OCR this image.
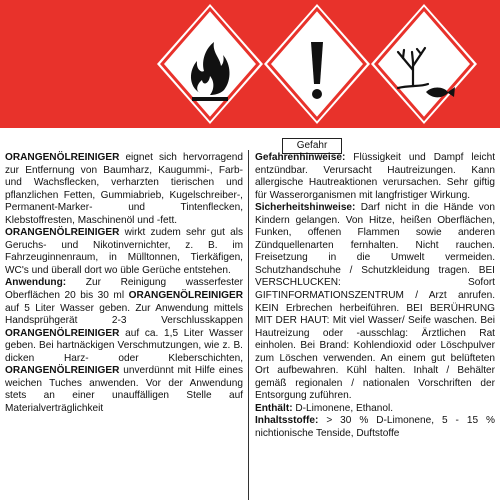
Gefahr

ORANGENÖLREINIGER eignet sich hervorragend zur Entfernung von Baumharz, Kaugummi-, Farb- und Wachsflecken, verharzten tierischen und pflanzlichen Fetten, Gummiabrieb, Kugelschreiber-, Permanent-Marker- und Tintenflecken, Klebstoffresten, Maschinenöl und -fett.

ORANGENÖLREINIGER wirkt zudem sehr gut als Geruchs- und Nikotinvernichter, z. B. im Fahrzeuginnenraum, in Mülltonnen, Tierkäfigen, WC's und überall dort wo üble Gerüche entstehen.

Anwendung: Zur Reinigung wasserfester Oberflächen 20 bis 30 ml ORANGENÖLREINIGER auf 5 Liter Wasser geben. Zur Anwendung mittels Handsprühgerät 2-3 Verschlusskappen ORANGENÖLREINIGER auf ca. 1,5 Liter Wasser geben. Bei hartnäckigen Verschmutzungen, wie z. B. dicken Harz- oder Kleberschichten, ORANGENÖLREINIGER unverdünnt mit Hilfe eines weichen Tuches anwenden. Vor der Anwendung stets an einer unauffälligen Stelle auf Materialverträglichkeit

Gefahrenhinweise: Flüssigkeit und Dampf leicht entzündbar. Verursacht Hautreizungen. Kann allergische Hautreaktionen verursachen. Sehr giftig für Wasserorganismen mit langfristiger Wirkung.

Sicherheitshinweise: Darf nicht in die Hände von Kindern gelangen. Von Hitze, heißen Oberflächen, Funken, offenen Flammen sowie anderen Zündquellenarten fernhalten. Nicht rauchen. Freisetzung in die Umwelt vermeiden. Schutzhandschuhe / Schutzkleidung tragen. BEI VERSCHLUCKEN: Sofort GIFTINFORMATIONSZENTRUM / Arzt anrufen. KEIN Erbrechen herbeiführen. BEI BERÜHRUNG MIT DER HAUT: Mit viel Wasser/ Seife waschen. Bei Hautreizung oder -ausschlag: Ärztlichen Rat einholen. Bei Brand: Kohlendioxid oder Löschpulver zum Löschen verwenden. An einem gut belüfteten Ort aufbewahren. Kühl halten. Inhalt / Behälter gemäß regionalen / nationalen Vorschriften der Entsorgung zuführen.

Enthält: D-Limonene, Ethanol.

Inhaltsstoffe: > 30 % D-Limonene, 5 - 15 % nichtionische Tenside, Duftstoffe
